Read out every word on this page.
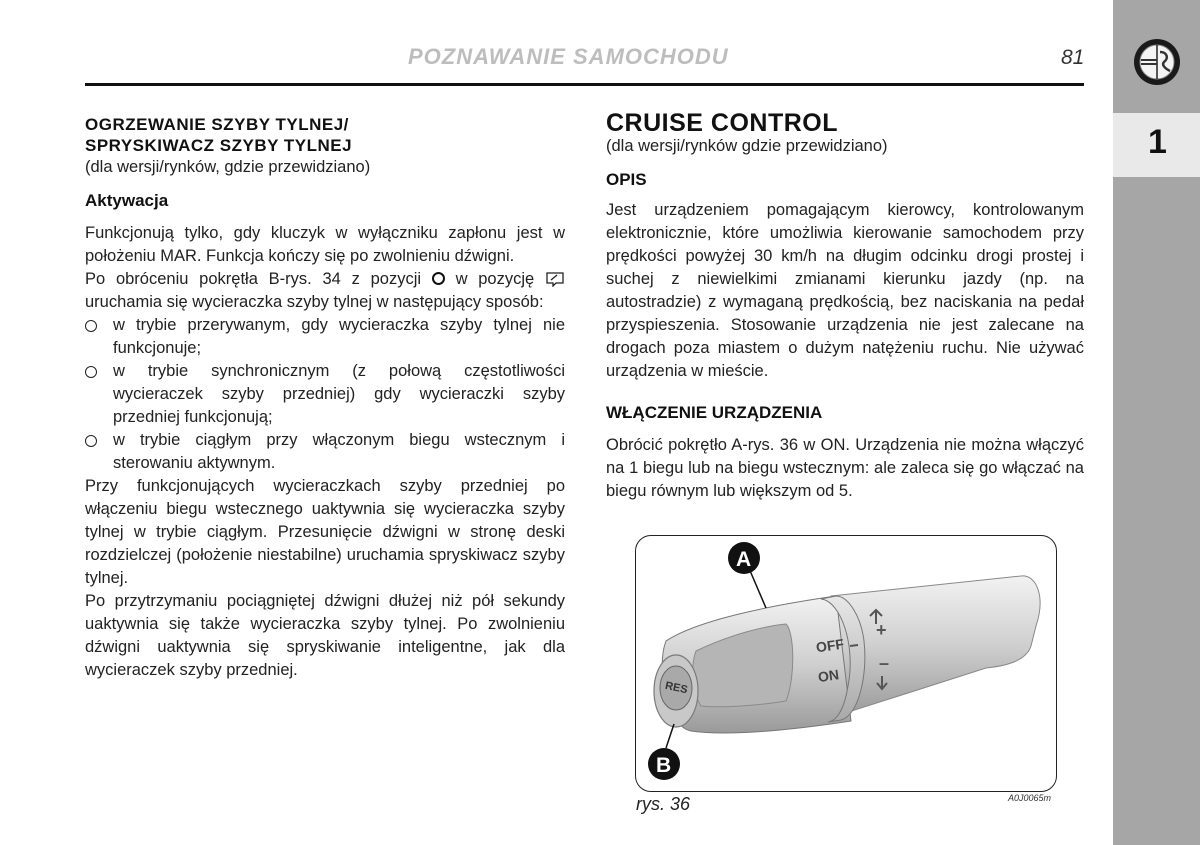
1
POZNAWANIE SAMOCHODU	81
OGRZEWANIE SZYBY TYLNEJ/
SPRYSKIWACZ SZYBY TYLNEJ
(dla wersji/rynków, gdzie przewidziano)
Aktywacja

Funkcjonują tylko, gdy kluczyk w wyłączniku zapłonu jest w położeniu MAR. Funkcja kończy się po zwolnieniu dźwigni.

Po obróceniu pokrętła B-rys. 34 z pozycji w pozycję  uruchamia się wycieraczka szyby tylnej w następujący sposób:

w trybie przerywanym, gdy wycieraczka szyby tylnej nie funkcjonuje;
w trybie synchronicznym (z połową częstotliwości wycieraczek szyby przedniej) gdy wycieraczki szyby przedniej funkcjonują;
w trybie ciągłym przy włączonym biegu wstecznym i sterowaniu aktywnym.

Przy funkcjonujących wycieraczkach szyby przedniej po włączeniu biegu wstecznego uaktywnia się wycieraczka szyby tylnej w trybie ciągłym. Przesunięcie dźwigni w stronę deski rozdzielczej (położenie niestabilne) uruchamia spryskiwacz szyby tylnej.

Po przytrzymaniu pociągniętej dźwigni dłużej niż pół sekundy uaktywnia się także wycieraczka szyby tylnej. Po zwolnieniu dźwigni uaktywnia się spryskiwanie inteligentne, jak dla wycieraczek szyby przedniej.

CRUISE CONTROL
(dla wersji/rynków gdzie przewidziano)
OPIS

Jest urządzeniem pomagającym kierowcy, kontrolowanym elektronicznie, które umożliwia kierowanie samochodem przy prędkości powyżej 30 km/h na długim odcinku drogi prostej i suchej z niewielkimi zmianami kierunku jazdy (np. na autostradzie) z wymaganą prędkością, bez naciskania na pedał przyspieszenia. Stosowanie urządzenia nie jest zalecane na drogach poza miastem o dużym natężeniu ruchu. Nie używać urządzenia w mieście.

WŁĄCZENIE URZĄDZENIA

Obrócić pokrętło A-rys. 36 w ON. Urządzenia nie można włączyć na 1 biegu lub na biegu wstecznym: ale zaleca się go włączać na biegu równym lub większym od 5.

RES
OFF
ON
+
–
A
B
rys. 36	A0J0065m
